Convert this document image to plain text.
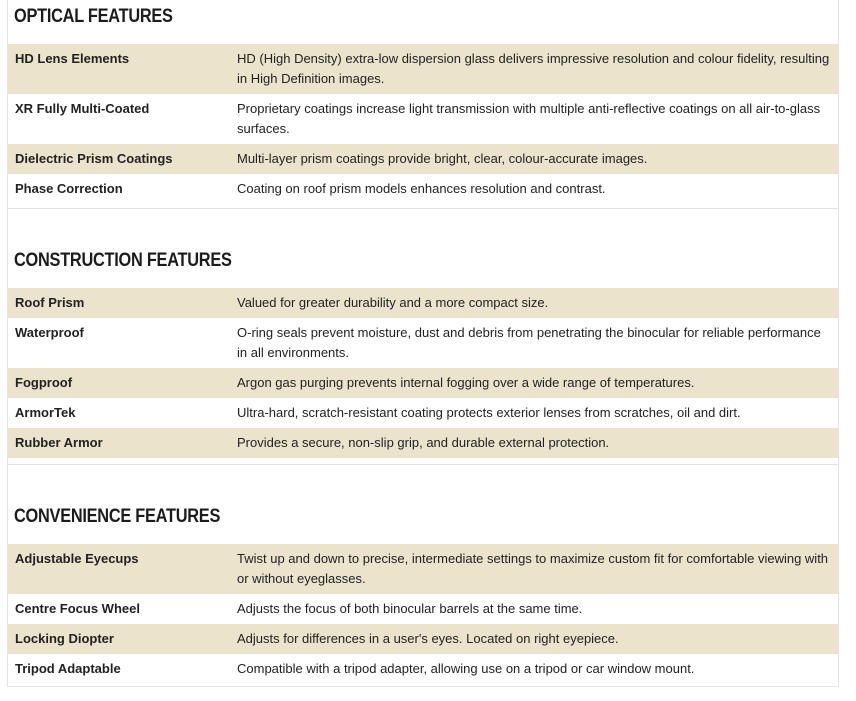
OPTICAL FEATURES
HD Lens Elements	HD (High Density) extra-low dispersion glass delivers impressive resolution and colour fidelity, resulting in High Definition images.
XR Fully Multi-Coated	Proprietary coatings increase light transmission with multiple anti-reflective coatings on all air-to-glass surfaces.
Dielectric Prism Coatings	Multi-layer prism coatings provide bright, clear, colour-accurate images.
Phase Correction	Coating on roof prism models enhances resolution and contrast.
CONSTRUCTION FEATURES
Roof Prism	Valued for greater durability and a more compact size.
Waterproof	O-ring seals prevent moisture, dust and debris from penetrating the binocular for reliable performance in all environments.
Fogproof	Argon gas purging prevents internal fogging over a wide range of temperatures.
ArmorTek	Ultra-hard, scratch-resistant coating protects exterior lenses from scratches, oil and dirt.
Rubber Armor	Provides a secure, non-slip grip, and durable external protection.
CONVENIENCE FEATURES
Adjustable Eyecups	Twist up and down to precise, intermediate settings to maximize custom fit for comfortable viewing with or without eyeglasses.
Centre Focus Wheel	Adjusts the focus of both binocular barrels at the same time.
Locking Diopter	Adjusts for differences in a user's eyes. Located on right eyepiece.
Tripod Adaptable	Compatible with a tripod adapter, allowing use on a tripod or car window mount.
